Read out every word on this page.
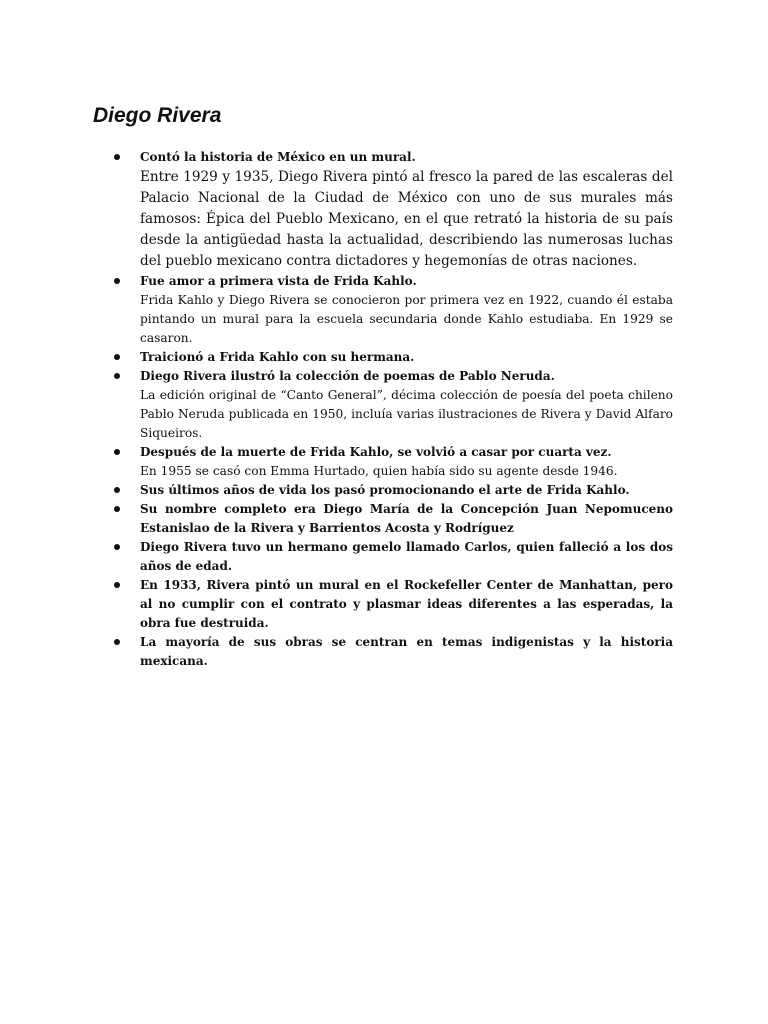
Diego Rivera
Contó la historia de México en un mural.
Entre 1929 y 1935, Diego Rivera pintó al fresco la pared de las escaleras del Palacio Nacional de la Ciudad de México con uno de sus murales más famosos: Épica del Pueblo Mexicano, en el que retrató la historia de su país desde la antigüedad hasta la actualidad, describiendo las numerosas luchas del pueblo mexicano contra dictadores y hegemonías de otras naciones.
Fue amor a primera vista de Frida Kahlo.
Frida Kahlo y Diego Rivera se conocieron por primera vez en 1922, cuando él estaba pintando un mural para la escuela secundaria donde Kahlo estudiaba. En 1929 se casaron.
Traicionó a Frida Kahlo con su hermana.
Diego Rivera ilustró la colección de poemas de Pablo Neruda.
La edición original de “Canto General”, décima colección de poesía del poeta chileno Pablo Neruda publicada en 1950, incluía varias ilustraciones de Rivera y David Alfaro Siqueiros.
Después de la muerte de Frida Kahlo, se volvió a casar por cuarta vez.
En 1955 se casó con Emma Hurtado, quien había sido su agente desde 1946.
Sus últimos años de vida los pasó promocionando el arte de Frida Kahlo.
Su nombre completo era Diego María de la Concepción Juan Nepomuceno Estanislao de la Rivera y Barrientos Acosta y Rodríguez
Diego Rivera tuvo un hermano gemelo llamado Carlos, quien falleció a los dos años de edad.
En 1933, Rivera pintó un mural en el Rockefeller Center de Manhattan, pero al no cumplir con el contrato y plasmar ideas diferentes a las esperadas, la obra fue destruida.
La mayoría de sus obras se centran en temas indigenistas y la historia mexicana.
